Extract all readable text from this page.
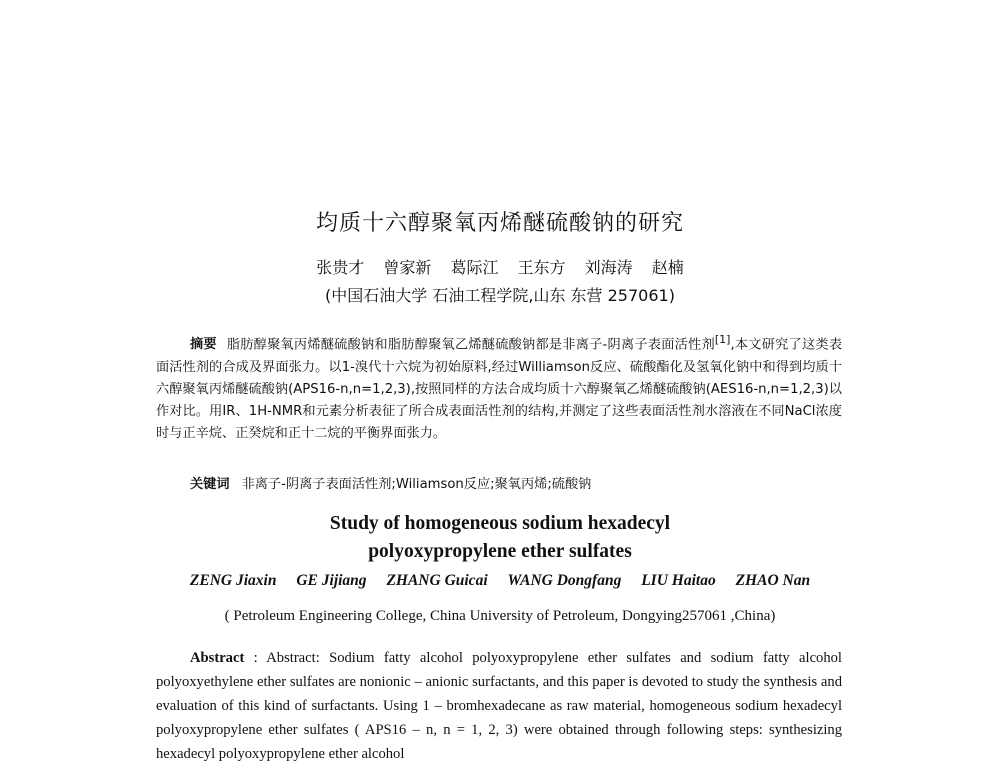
均质十六醇聚氧丙烯醚硫酸钠的研究
张贵才 曾家新 葛际江 王东方 刘海涛 赵楠
(中国石油大学 石油工程学院,山东 东营 257061)

摘要 脂肪醇聚氧丙烯醚硫酸钠和脂肪醇聚氧乙烯醚硫酸钠都是非离子-阴离子表面活性剂[1],本文研究了这类表面活性剂的合成及界面张力。以1-溴代十六烷为初始原料,经过Williamson反应、硫酸酯化及氢氧化钠中和得到均质十六醇聚氧丙烯醚硫酸钠(APS16-n,n=1,2,3),按照同样的方法合成均质十六醇聚氧乙烯醚硫酸钠(AES16-n,n=1,2,3)以作对比。用IR、1H-NMR和元素分析表征了所合成表面活性剂的结构,并测定了这些表面活性剂水溶液在不同NaCl浓度时与正辛烷、正癸烷和正十二烷的平衡界面张力。

关键词 非离子-阴离子表面活性剂;Wiliamson反应;聚氧丙烯;硫酸钠
Study of homogeneous sodium hexadecyl
polyoxypropylene ether sulfates
ZENG Jiaxin GE Jijiang ZHANG Guicai WANG Dongfang LIU Haitao ZHAO Nan
( Petroleum Engineering College, China University of Petroleum, Dongying257061 ,China)

Abstract : Abstract: Sodium fatty alcohol polyoxypropylene ether sulfates and sodium fatty alcohol polyoxyethylene ether sulfates are nonionic – anionic surfactants, and this paper is devoted to study the synthesis and evaluation of this kind of surfactants. Using 1 – bromhexadecane as raw material, homogeneous sodium hexadecyl polyoxypropylene ether sulfates ( APS16 – n, n = 1, 2, 3) were obtained through following steps: synthesizing hexadecyl polyoxypropylene ether alcohol
